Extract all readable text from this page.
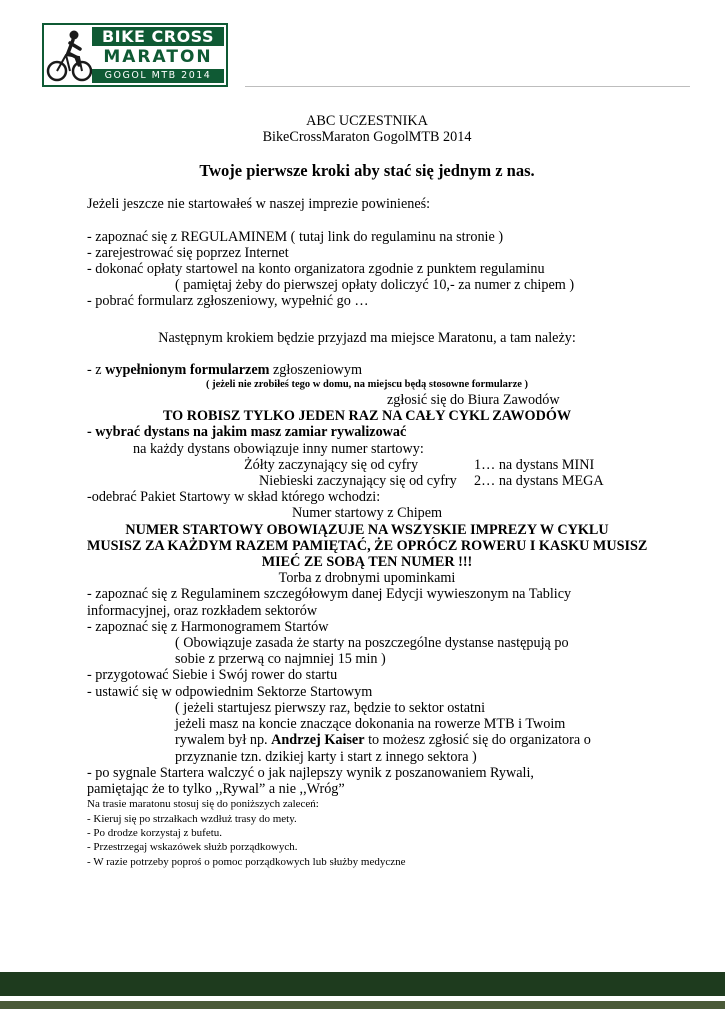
BIKE CROSS
MARATON
GOGOL MTB 2014

ABC UCZESTNIKA

BikeCrossMaraton GogolMTB 2014

Twoje pierwsze kroki aby stać się jednym z nas.

Jeżeli jeszcze nie startowałeś w naszej imprezie powinieneś:

- zapoznać się z REGULAMINEM ( tutaj link do regulaminu na stronie )

- zarejestrować się poprzez Internet

- dokonać opłaty startowel na konto organizatora zgodnie z punktem regulaminu

( pamiętaj żeby do pierwszej opłaty doliczyć 10,- za numer z chipem )

- pobrać formularz zgłoszeniowy, wypełnić go …

Następnym krokiem będzie przyjazd ma miejsce Maratonu, a tam należy:

- z wypełnionym formularzem zgłoszeniowym

( jeżeli nie zrobiłeś tego w domu, na miejscu będą stosowne formularze )

zgłosić się do Biura Zawodów

TO ROBISZ TYLKO JEDEN RAZ NA CAŁY CYKL ZAWODÓW

- wybrać dystans na jakim masz zamiar rywalizować

na każdy dystans obowiązuje inny numer startowy:

Żółty zaczynający się od cyfry	1… na dystans MINI

Niebieski zaczynający się od cyfry 2… na dystans MEGA

-odebrać Pakiet Startowy w skład którego wchodzi:

Numer startowy z Chipem

NUMER STARTOWY OBOWIĄZUJE NA WSZYSKIE IMPREZY W CYKLU

MUSISZ ZA KAŻDYM RAZEM PAMIĘTAĆ, ŻE OPRÓCZ ROWERU I KASKU MUSISZ

MIEĆ ZE SOBĄ TEN NUMER !!!

Torba z drobnymi upominkami

- zapoznać się z Regulaminem szczegółowym danej Edycji wywieszonym na Tablicy informacyjnej, oraz rozkładem sektorów

- zapoznać się z Harmonogramem Startów

( Obowiązuje zasada że starty na poszczególne dystanse następują po

sobie z przerwą co najmniej 15 min )

- przygotować Siebie i Swój rower do startu

- ustawić się w odpowiednim Sektorze Startowym

( jeżeli startujesz pierwszy raz, będzie to sektor ostatni

jeżeli masz na koncie znaczące dokonania na rowerze MTB i Twoim

rywalem był np. Andrzej Kaiser to możesz zgłosić się do organizatora o

przyznanie tzn. dzikiej karty i start z innego sektora )

- po sygnale Startera walczyć o jak najlepszy wynik z poszanowaniem Rywali,

pamiętając że to tylko ,,Rywal” a nie ,,Wróg”

Na trasie maratonu stosuj się do poniższych zaleceń:

- Kieruj się po strzałkach wzdłuż trasy do mety.

- Po drodze korzystaj z bufetu.

- Przestrzegaj wskazówek służb porządkowych.

- W razie potrzeby poproś o pomoc porządkowych lub służby medyczne
